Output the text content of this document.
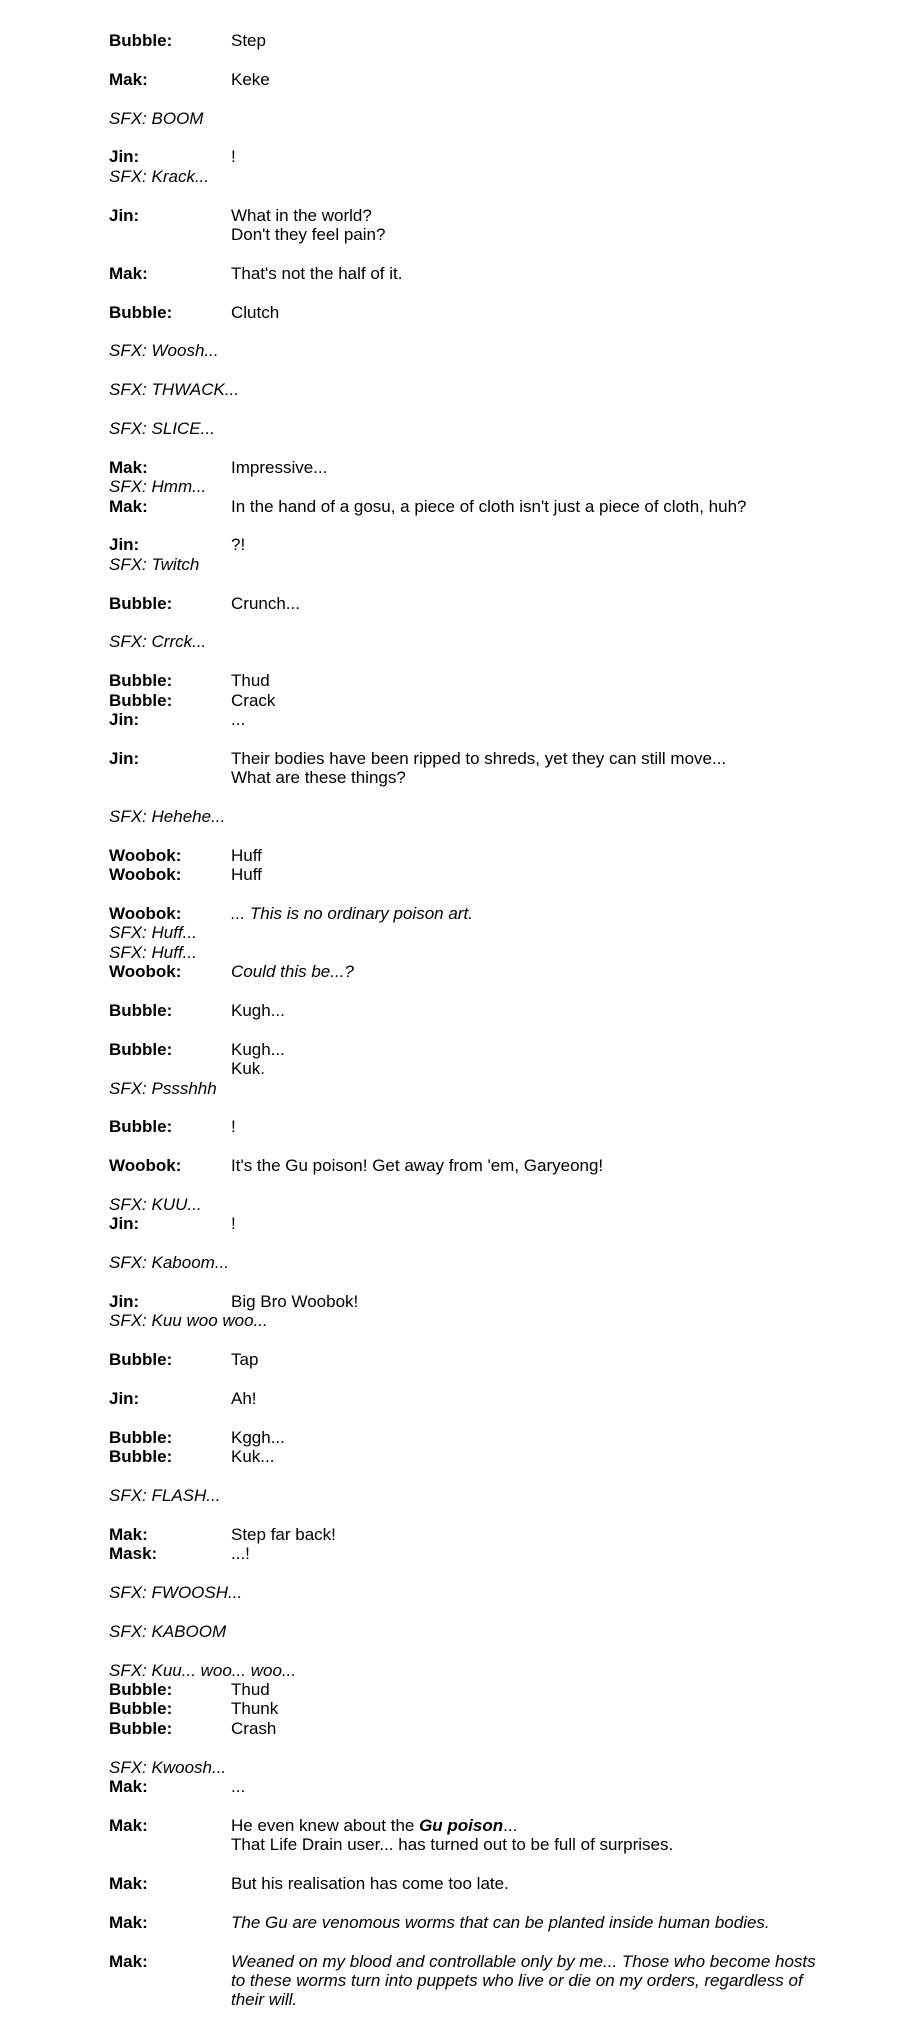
Bubble:	Step
Mak:	Keke
SFX: BOOM
Jin:	!
SFX: Krack...
Jin:	What in the world?
Don't they feel pain?
Mak:	That's not the half of it.
Bubble:	Clutch
SFX: Woosh...
SFX: THWACK...
SFX: SLICE...
Mak:	Impressive...
SFX: Hmm...
Mak:	In the hand of a gosu, a piece of cloth isn't just a piece of cloth, huh?
Jin:	?!
SFX: Twitch
Bubble:	Crunch...
SFX: Crrck...
Bubble:	Thud
Bubble:	Crack
Jin:	...
Jin:	Their bodies have been ripped to shreds, yet they can still move...
What are these things?
SFX: Hehehe...
Woobok:	Huff
Woobok:	Huff
Woobok:	... This is no ordinary poison art.
SFX: Huff...
SFX: Huff...
Woobok:	Could this be...?
Bubble:	Kugh...
Bubble:	Kugh...
Kuk.
SFX: Pssshhh
Bubble:	!
Woobok:	It's the Gu poison! Get away from 'em, Garyeong!
SFX: KUU...
Jin:	!
SFX: Kaboom...
Jin:	Big Bro Woobok!
SFX: Kuu woo woo...
Bubble:	Tap
Jin:	Ah!
Bubble:	Kggh...
Bubble:	Kuk...
SFX: FLASH...
Mak:	Step far back!
Mask:	...!
SFX: FWOOSH...
SFX: KABOOM
SFX: Kuu... woo... woo...
Bubble:	Thud
Bubble:	Thunk
Bubble:	Crash
SFX: Kwoosh...
Mak:	...
Mak:	He even knew about the Gu poison...
That Life Drain user... has turned out to be full of surprises.
Mak:	But his realisation has come too late.
Mak:	The Gu are venomous worms that can be planted inside human bodies.
Mak:	Weaned on my blood and controllable only by me... Those who become hosts
to these worms turn into puppets who live or die on my orders, regardless of
their will.
